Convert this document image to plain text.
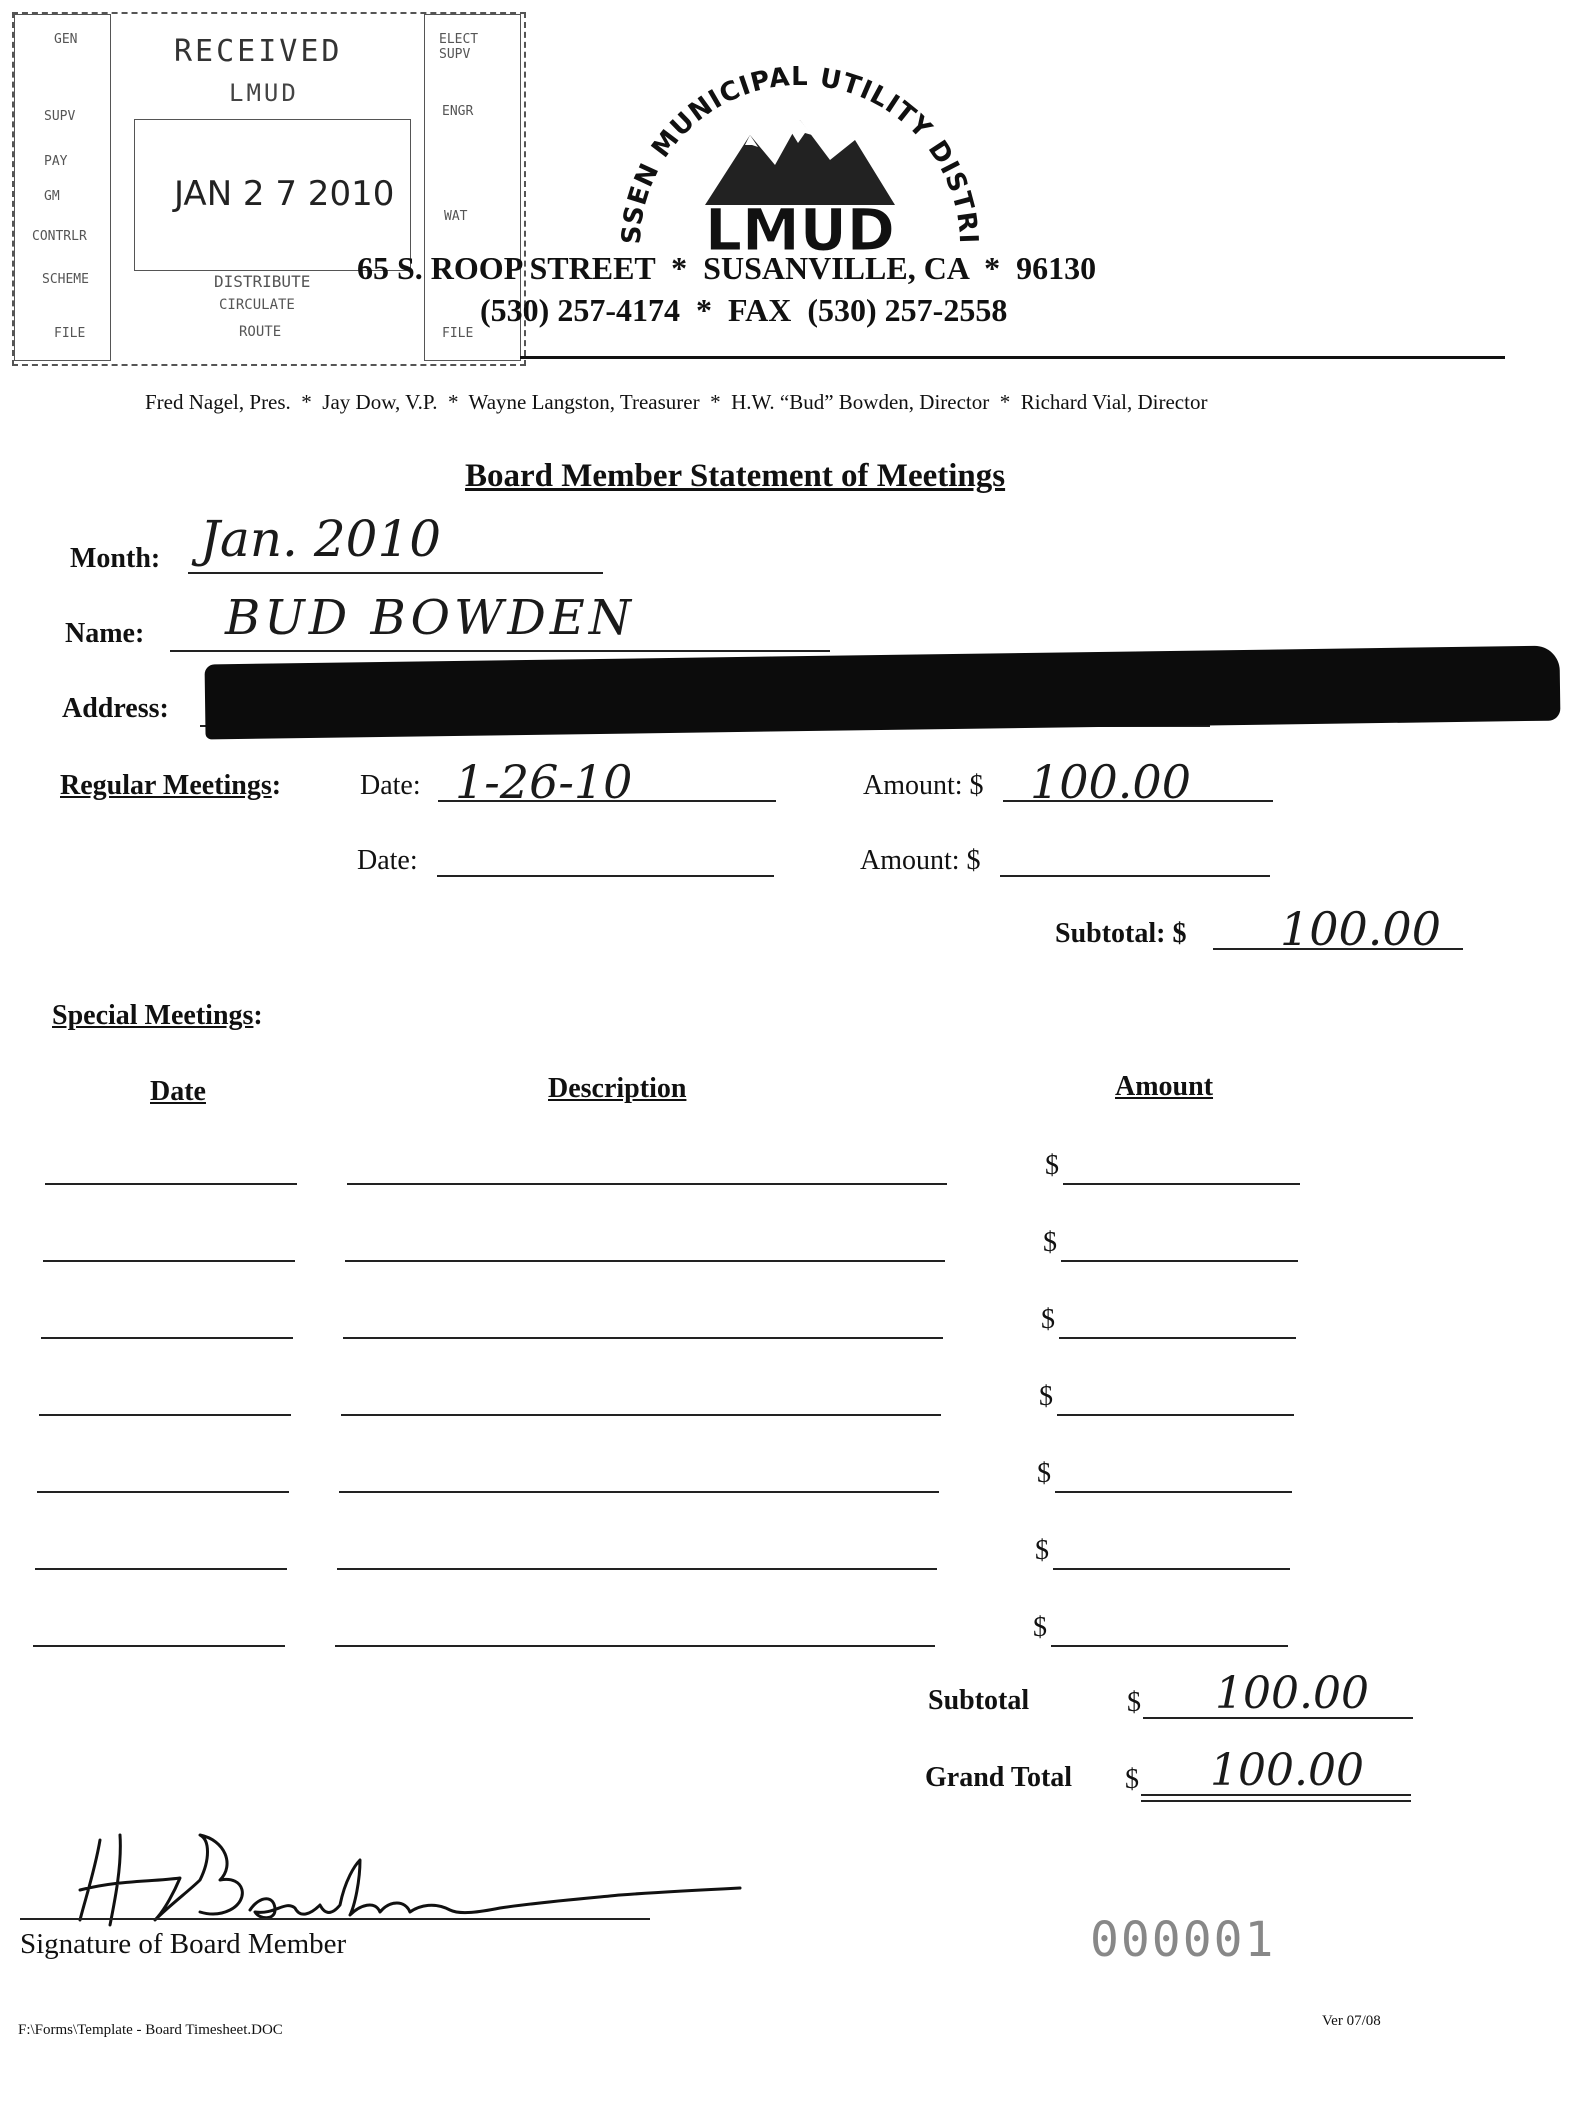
GEN
SUPV
PAY
GM
CONTRLR
SCHEME
FILE
ELECT SUPV
ENGR
WAT
FILE
RECEIVED
LMUD
JAN 2 7 2010
DISTRIBUTE
CIRCULATE
ROUTE
SEN MUNICIPAL UTILITY DISTR
LMUD
65 S. ROOP STREET  *  SUSANVILLE, CA  *  96130
(530) 257-4174  *  FAX  (530) 257-2558
Fred Nagel, Pres.  *  Jay Dow, V.P.  *  Wayne Langston, Treasurer  *  H.W. “Bud” Bowden, Director  *  Richard Vial, Director
Board Member Statement of Meetings
Month: Jan. 2010
Name: BUD BOWDEN
Address:
Regular Meetings:	Date: 1-26-10	Amount: $ 100.00
Date:	Amount: $
Subtotal: $ 100.00
Special Meetings:
Date	Description	Amount
$
$
$
$
$
$
$
Subtotal	$ 100.00
Grand Total $ 100.00
Signature of Board Member	000001
F:\Forms\Template - Board Timesheet.DOC
Ver 07/08
